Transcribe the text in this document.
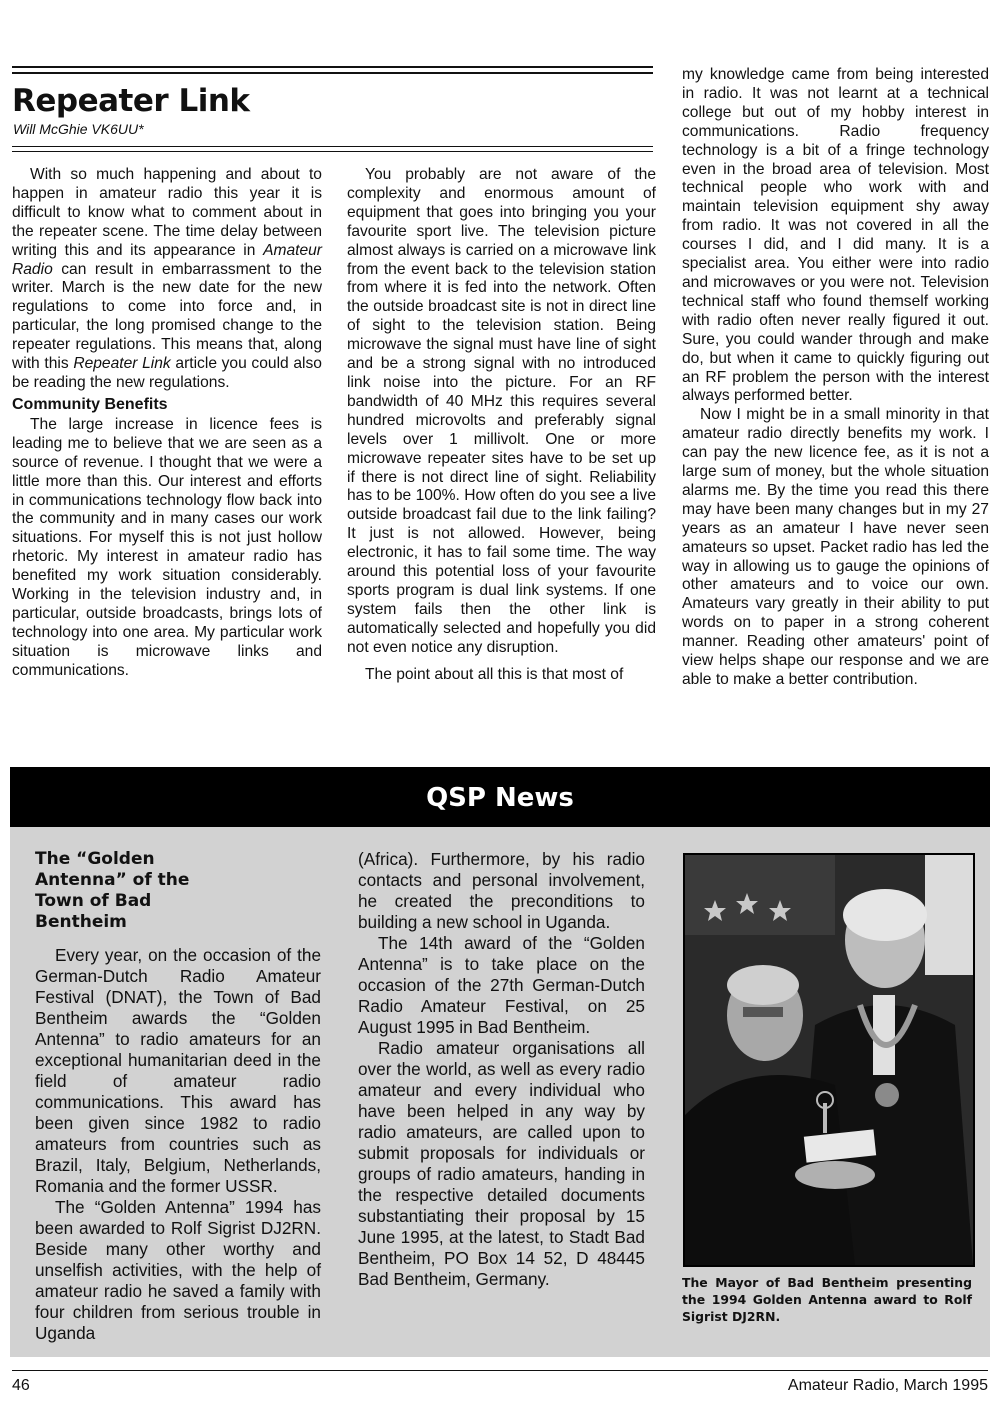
Repeater Link
Will McGhie VK6UU*

With so much happening and about to happen in amateur radio this year it is difficult to know what to comment about in the repeater scene. The time delay between writing this and its appearance in Amateur Radio can result in embarrassment to the writer. March is the new date for the new regulations to come into force and, in particular, the long promised change to the repeater regulations. This means that, along with this Repeater Link article you could also be reading the new regulations.

Community Benefits

The large increase in licence fees is leading me to believe that we are seen as a source of revenue. I thought that we were a little more than this. Our interest and efforts in communications technology flow back into the community and in many cases our work situations. For myself this is not just hollow rhetoric. My interest in amateur radio has benefited my work situation considerably. Working in the television industry and, in particular, outside broadcasts, brings lots of technology into one area. My particular work situation is microwave links and communications.

You probably are not aware of the complexity and enormous amount of equipment that goes into bringing you your favourite sport live. The television picture almost always is carried on a microwave link from the event back to the television station from where it is fed into the network. Often the outside broadcast site is not in direct line of sight to the television station. Being microwave the signal must have line of sight and be a strong signal with no introduced link noise into the picture. For an RF bandwidth of 40 MHz this requires several hundred microvolts and preferably signal levels over 1 millivolt. One or more microwave repeater sites have to be set up if there is not direct line of sight. Reliability has to be 100%. How often do you see a live outside broadcast fail due to the link failing? It just is not allowed. However, being electronic, it has to fail some time. The way around this potential loss of your favourite sports program is dual link systems. If one system fails then the other link is automatically selected and hopefully you did not even notice any disruption.

The point about all this is that most of

my knowledge came from being interested in radio. It was not learnt at a technical college but out of my hobby interest in communications. Radio frequency technology is a bit of a fringe technology even in the broad area of television. Most technical people who work with and maintain television equipment shy away from radio. It was not covered in all the courses I did, and I did many. It is a specialist area. You either were into radio and microwaves or you were not. Television technical staff who found themself working with radio often never really figured it out. Sure, you could wander through and make do, but when it came to quickly figuring out an RF problem the person with the interest always performed better.

Now I might be in a small minority in that amateur radio directly benefits my work. I can pay the new licence fee, as it is not a large sum of money, but the whole situation alarms me. By the time you read this there may have been many changes but in my 27 years as an amateur I have never seen amateurs so upset. Packet radio has led the way in allowing us to gauge the opinions of other amateurs and to voice our own. Amateurs vary greatly in their ability to put words on to paper in a strong coherent manner. Reading other amateurs' point of view helps shape our response and we are able to make a better contribution.

QSP News
The “Golden Antenna” of the Town of Bad Bentheim

Every year, on the occasion of the German-Dutch Radio Amateur Festival (DNAT), the Town of Bad Bentheim awards the “Golden Antenna” to radio amateurs for an exceptional humanitarian deed in the field of amateur radio communications. This award has been given since 1982 to radio amateurs from countries such as Brazil, Italy, Belgium, Netherlands, Romania and the former USSR.

The “Golden Antenna” 1994 has been awarded to Rolf Sigrist DJ2RN. Beside many other worthy and unselfish activities, with the help of amateur radio he saved a family with four children from serious trouble in Uganda

(Africa). Furthermore, by his radio contacts and personal involvement, he created the preconditions to building a new school in Uganda.

The 14th award of the “Golden Antenna” is to take place on the occasion of the 27th German-Dutch Radio Amateur Festival, on 25 August 1995 in Bad Bentheim.

Radio amateur organisations all over the world, as well as every radio amateur and every individual who have been helped in any way by radio amateurs, are called upon to submit proposals for individuals or groups of radio amateurs, handing in the respective detailed documents substantiating their proposal by 15 June 1995, at the latest, to Stadt Bad Bentheim, PO Box 14 52, D 48445 Bad Bentheim, Germany.	The Mayor of Bad Bentheim presenting the 1994 Golden Antenna award to Rolf Sigrist DJ2RN.
46	Amateur Radio, March 1995
